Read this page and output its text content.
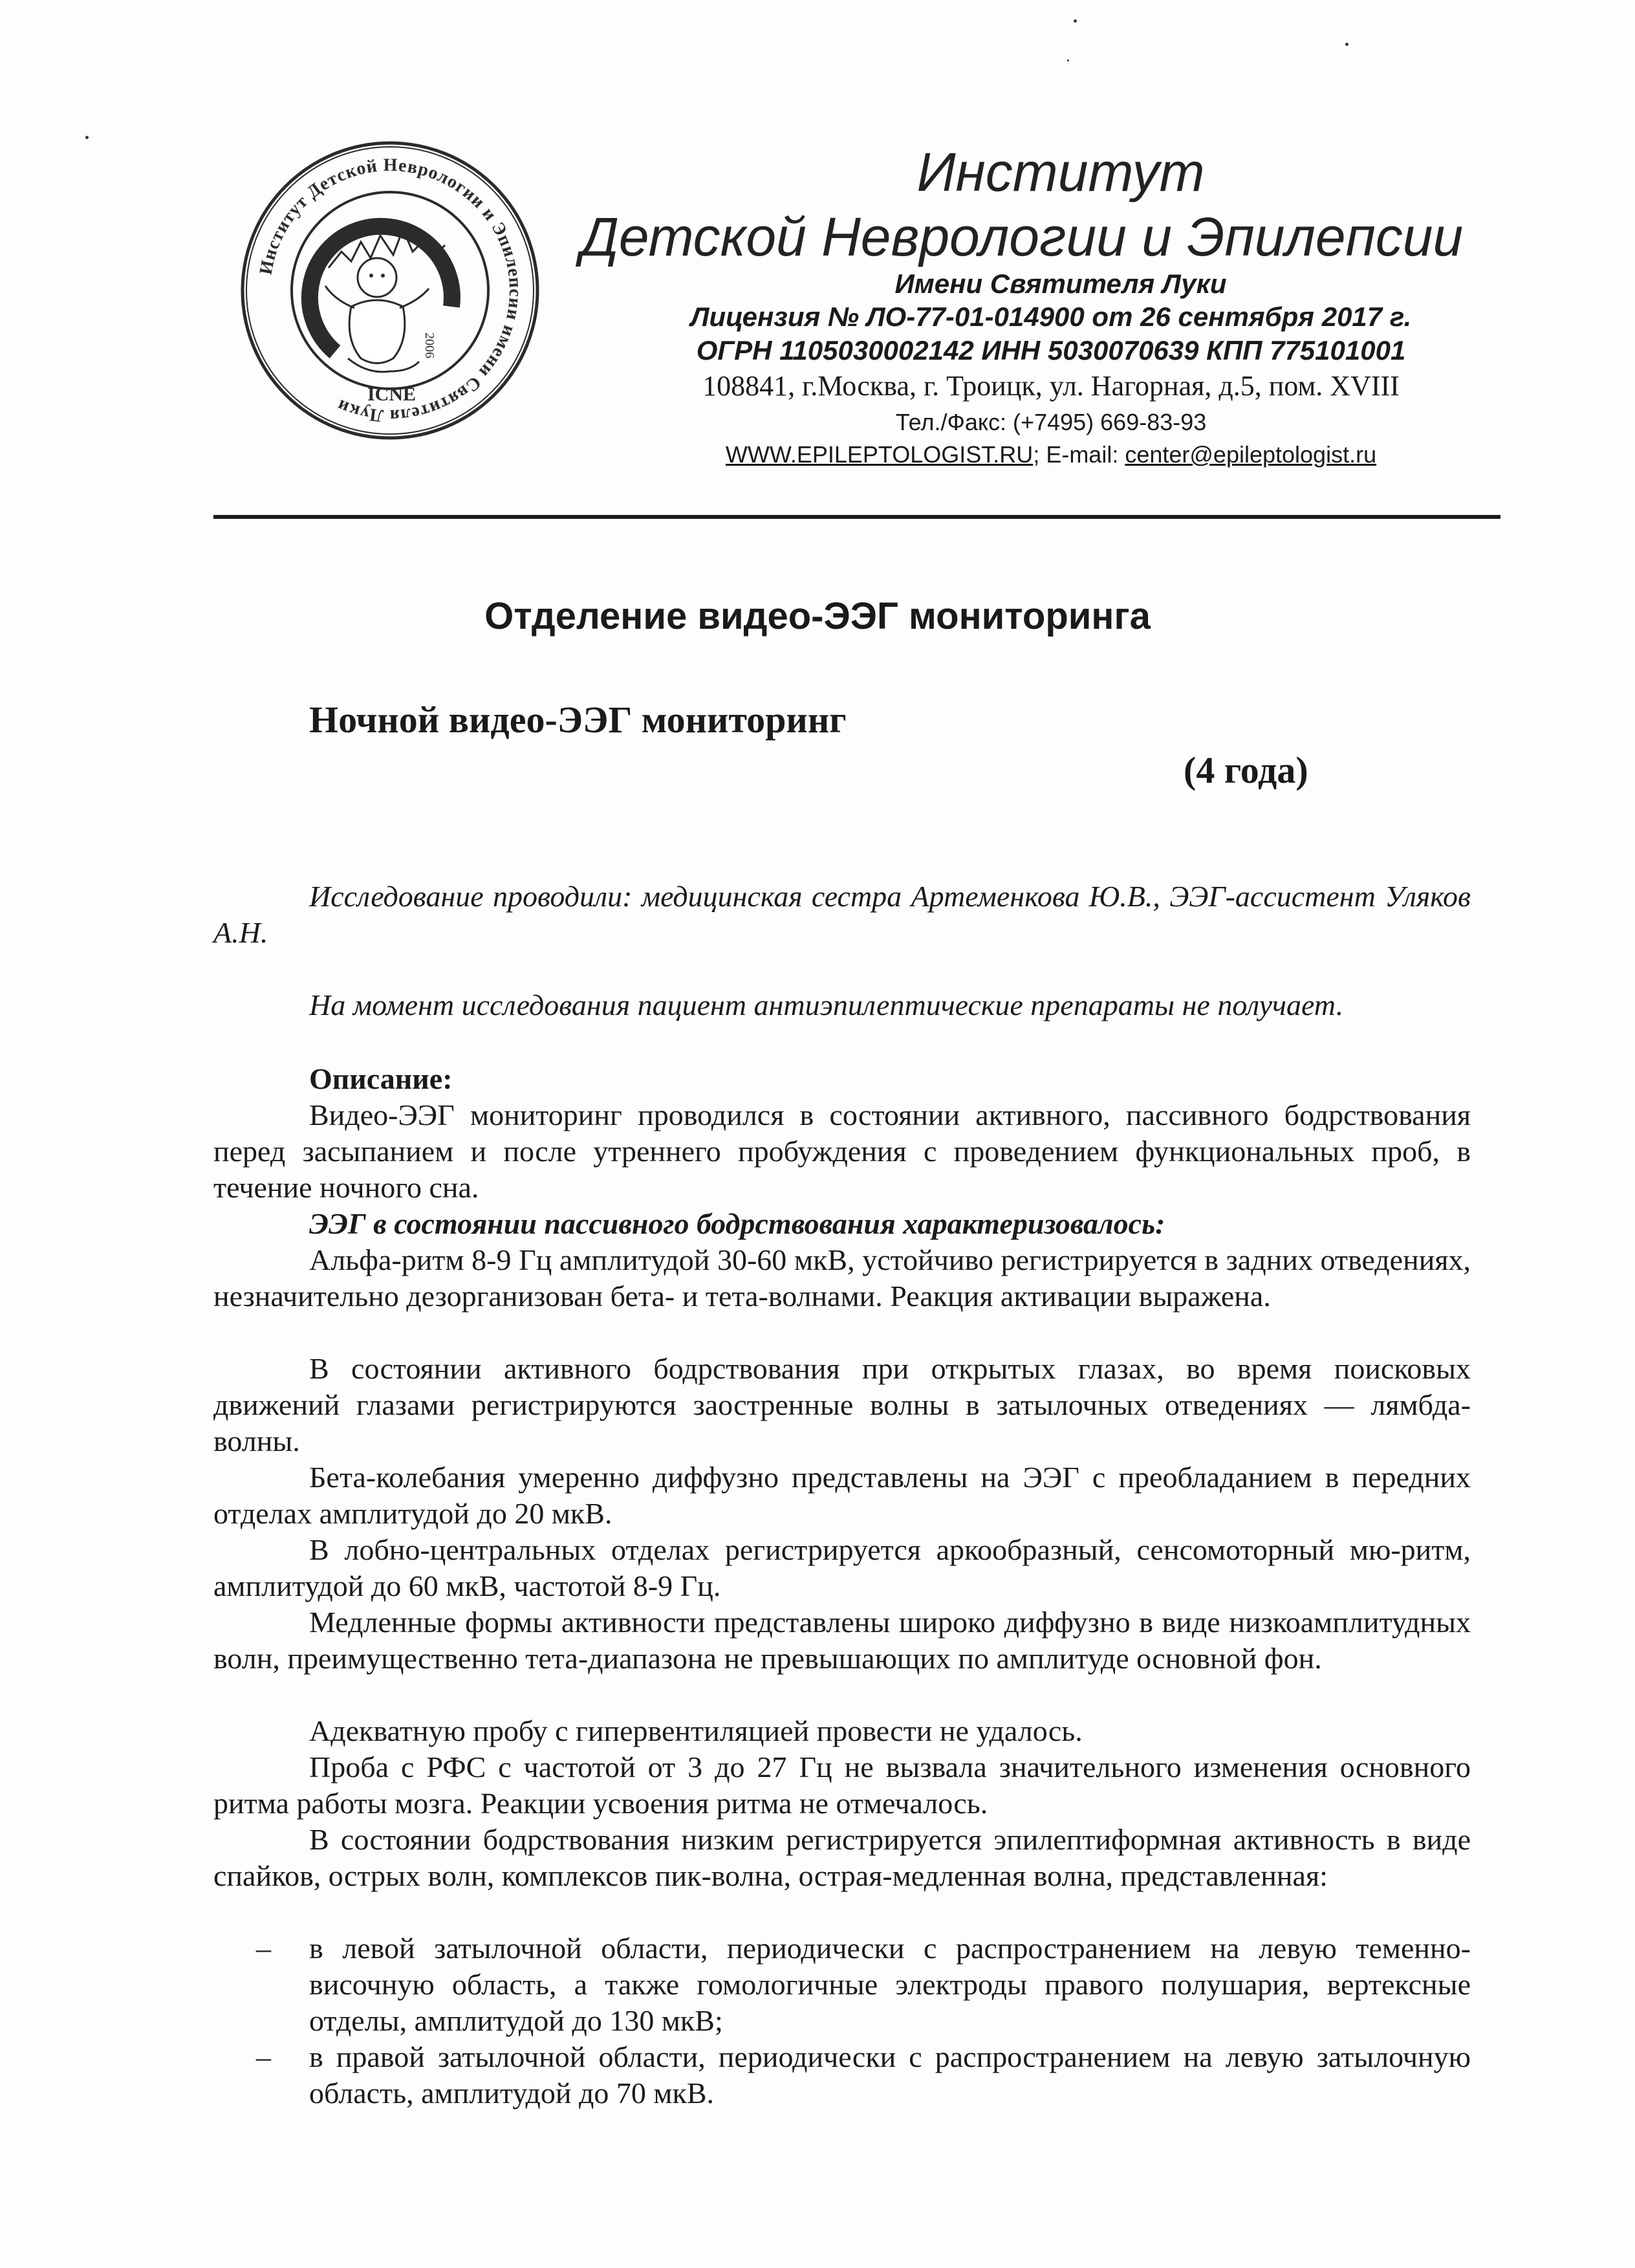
Институт Детской Неврологии и Эпилепсии имени Святителя Луки
2006
ICNE
Институт
Детской Неврологии и Эпилепсии
Имени Святителя Луки
Лицензия № ЛО-77-01-014900 от 26 сентября 2017 г.
ОГРН 1105030002142 ИНН 5030070639 КПП 775101001
108841, г.Москва, г. Троицк, ул. Нагорная, д.5, пом. XVIII
Тел./Факс: (+7495) 669-83-93
WWW.EPILEPTOLOGIST.RU; E-mail: center@epileptologist.ru
Отделение видео-ЭЭГ мониторинга
Ночной видео-ЭЭГ мониторинг
(4 года)

Исследование проводили: медицинская сестра Артеменкова Ю.В., ЭЭГ-ассистент Уляков А.Н.

На момент исследования пациент антиэпилептические препараты не получает.

Описание:

Видео-ЭЭГ мониторинг проводился в состоянии активного, пассивного бодрствования перед засыпанием и после утреннего пробуждения с проведением функциональных проб, в течение ночного сна.

ЭЭГ в состоянии пассивного бодрствования характеризовалось:

Альфа-ритм 8-9 Гц амплитудой 30-60 мкВ, устойчиво регистрируется в задних отведениях, незначительно дезорганизован бета- и тета-волнами. Реакция активации выражена.

В состоянии активного бодрствования при открытых глазах, во время поисковых движений глазами регистрируются заостренные волны в затылочных отведениях — лямбда-волны.

Бета-колебания умеренно диффузно представлены на ЭЭГ с преобладанием в передних отделах амплитудой до 20 мкВ.

В лобно-центральных отделах регистрируется аркообразный, сенсомоторный мю-ритм, амплитудой до 60 мкВ, частотой 8-9 Гц.

Медленные формы активности представлены широко диффузно в виде низкоамплитудных волн, преимущественно тета-диапазона не превышающих по амплитуде основной фон.

Адекватную пробу с гипервентиляцией провести не удалось.

Проба с РФС с частотой от 3 до 27 Гц не вызвала значительного изменения основного ритма работы мозга. Реакции усвоения ритма не отмечалось.

В состоянии бодрствования низким регистрируется эпилептиформная активность в виде спайков, острых волн, комплексов пик-волна, острая-медленная волна, представленная:

– в левой затылочной области, периодически с распространением на левую теменно-височную область, а также гомологичные электроды правого полушария, вертексные отделы, амплитудой до 130 мкВ;
– в правой затылочной области, периодически с распространением на левую затылочную область, амплитудой до 70 мкВ.
